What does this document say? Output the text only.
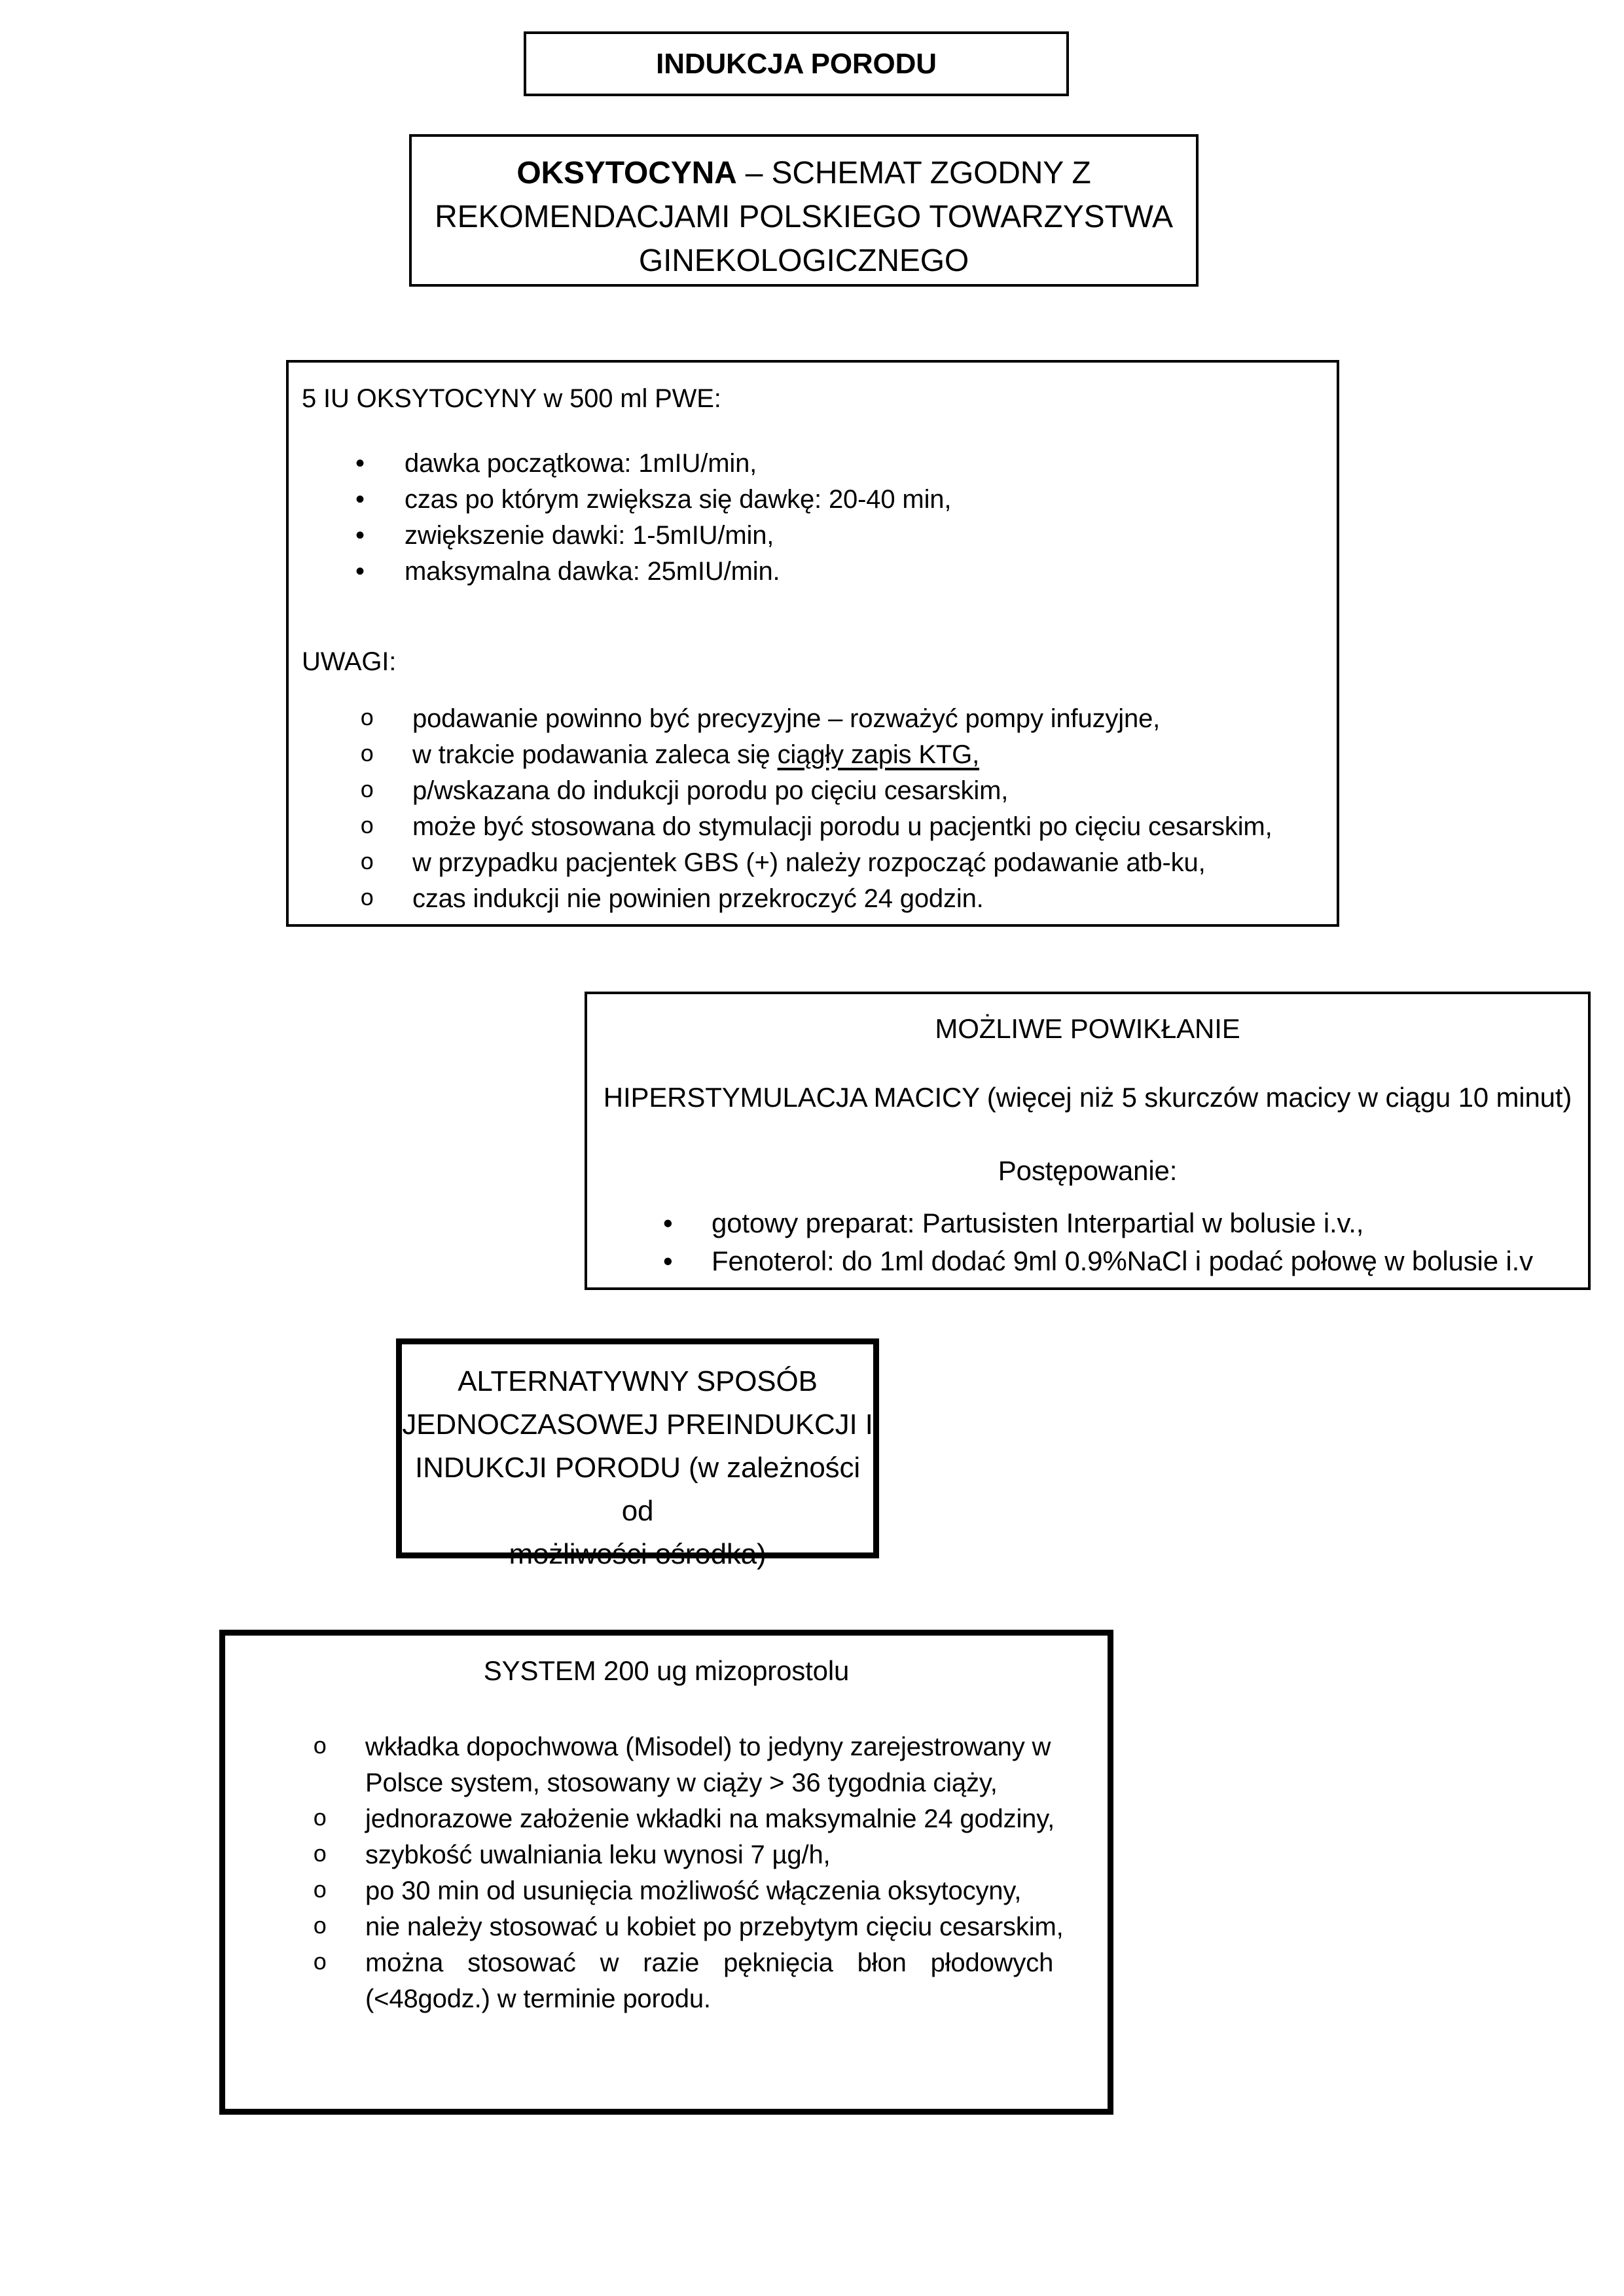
INDUKCJA PORODU
OKSYTOCYNA – SCHEMAT ZGODNY Z
REKOMENDACJAMI POLSKIEGO TOWARZYSTWA
GINEKOLOGICZNEGO
5 IU OKSYTOCYNY w 500 ml PWE:
•	dawka początkowa: 1mIU/min,
•	czas po którym zwiększa się dawkę: 20-40 min,
•	zwiększenie dawki: 1-5mIU/min,
•	maksymalna dawka: 25mIU/min.
UWAGI:
o	podawanie powinno być precyzyjne – rozważyć pompy infuzyjne,
o	w trakcie podawania zaleca się ciągły zapis KTG,
o	p/wskazana do indukcji porodu po cięciu cesarskim,
o	może być stosowana do stymulacji porodu u pacjentki po cięciu cesarskim,
o	w przypadku pacjentek GBS (+) należy rozpocząć podawanie atb-ku,
o	czas indukcji nie powinien przekroczyć 24 godzin.
MOŻLIWE POWIKŁANIE
HIPERSTYMULACJA MACICY (więcej niż 5 skurczów macicy w ciągu 10 minut)
Postępowanie:
•	gotowy preparat: Partusisten Interpartial w bolusie i.v.,
•	Fenoterol: do 1ml dodać 9ml 0.9%NaCl i podać połowę w bolusie i.v
ALTERNATYWNY SPOSÓB
JEDNOCZASOWEJ PREINDUKCJI I
INDUKCJI PORODU (w zależności od
możliwości ośrodka)
SYSTEM 200 ug mizoprostolu
o	wkładka dopochwowa (Misodel) to jedyny zarejestrowany w
Polsce system, stosowany w ciąży > 36 tygodnia ciąży,
o	jednorazowe założenie wkładki na maksymalnie 24 godziny,
o	szybkość uwalniania leku wynosi 7 µg/h,
o	po 30 min od usunięcia możliwość włączenia oksytocyny,
o	nie należy stosować u kobiet po przebytym cięciu cesarskim,
o	można stosować w razie pęknięcia błon płodowych
(<48godz.) w terminie porodu.
